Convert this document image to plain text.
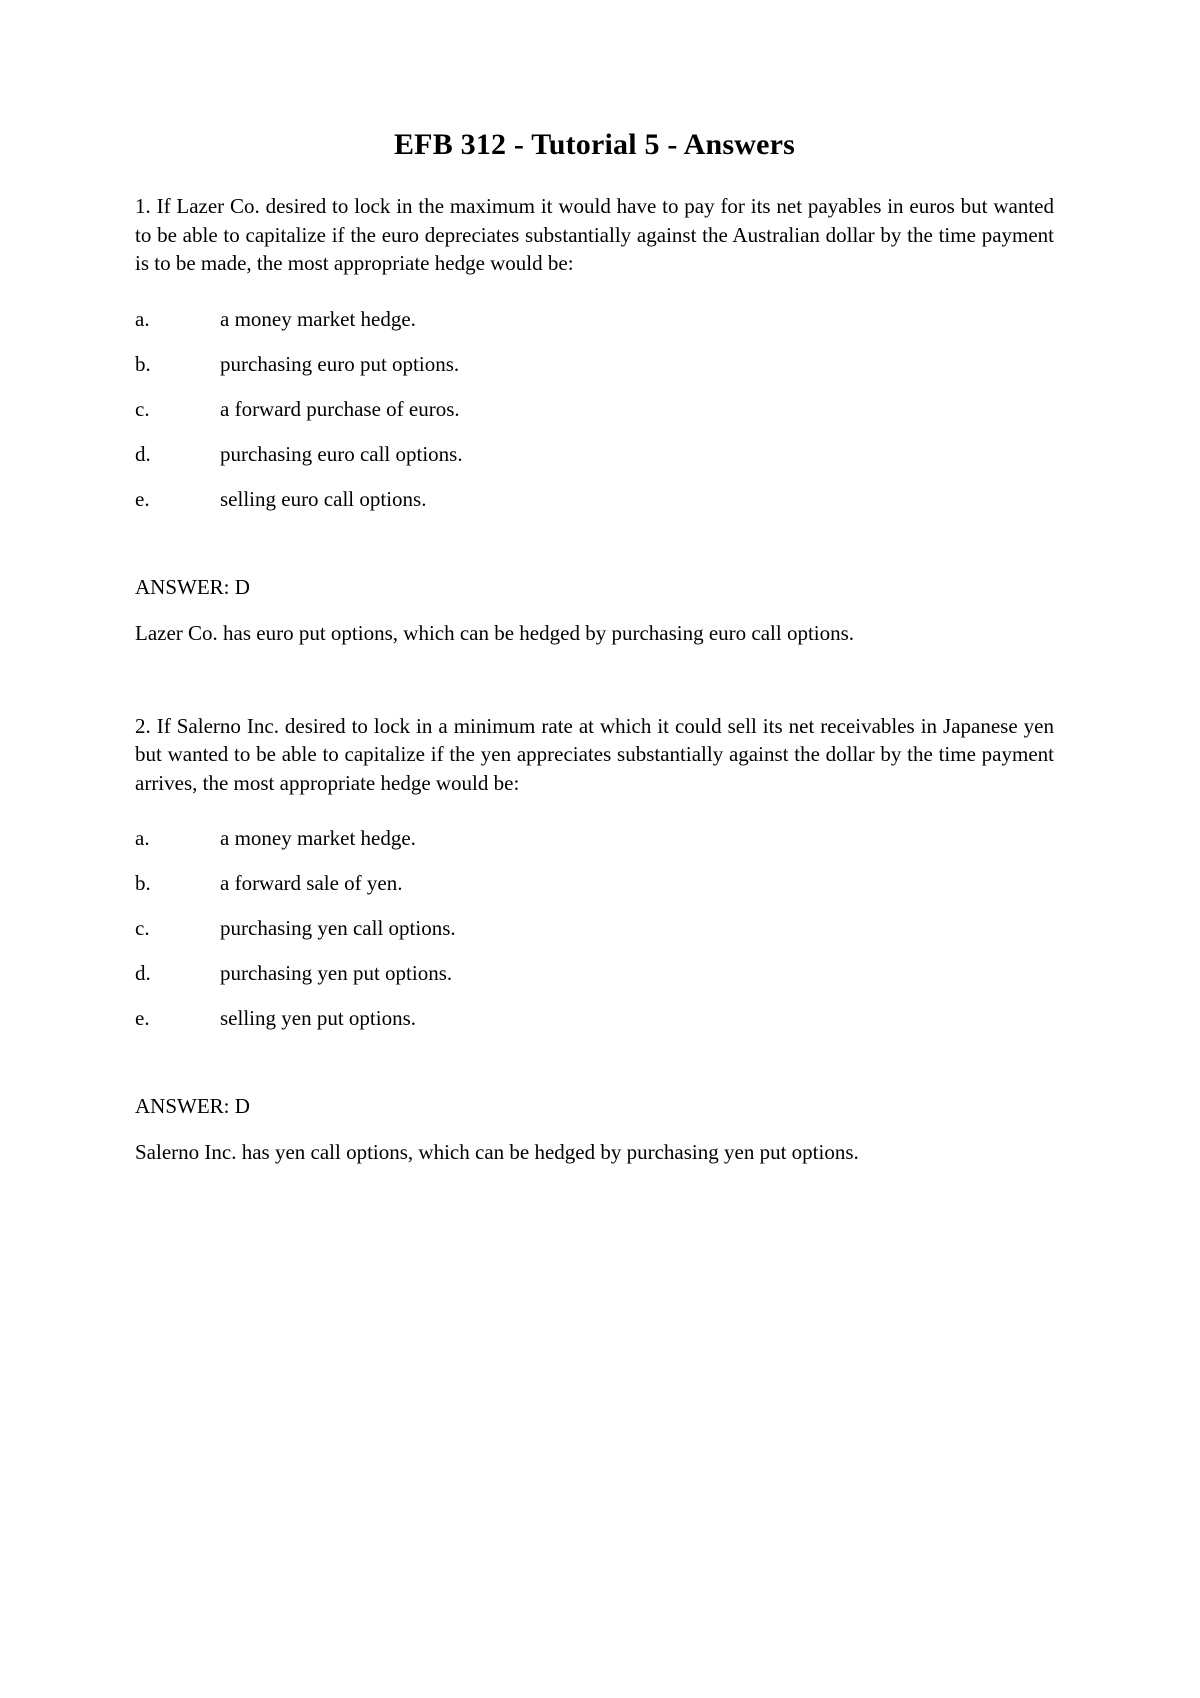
EFB 312 - Tutorial 5 - Answers

1. If Lazer Co. desired to lock in the maximum it would have to pay for its net payables in euros but wanted to be able to capitalize if the euro depreciates substantially against the Australian dollar by the time payment is to be made, the most appropriate hedge would be:

a.	a money market hedge.
b.	purchasing euro put options.
c.	a forward purchase of euros.
d.	purchasing euro call options.
e.	selling euro call options.

ANSWER: D

Lazer Co. has euro put options, which can be hedged by purchasing euro call options.

2. If Salerno Inc. desired to lock in a minimum rate at which it could sell its net receivables in Japanese yen but wanted to be able to capitalize if the yen appreciates substantially against the dollar by the time payment arrives, the most appropriate hedge would be:

a.	a money market hedge.
b.	a forward sale of yen.
c.	purchasing yen call options.
d.	purchasing yen put options.
e.	selling yen put options.

ANSWER: D

Salerno Inc. has yen call options, which can be hedged by purchasing yen put options.
